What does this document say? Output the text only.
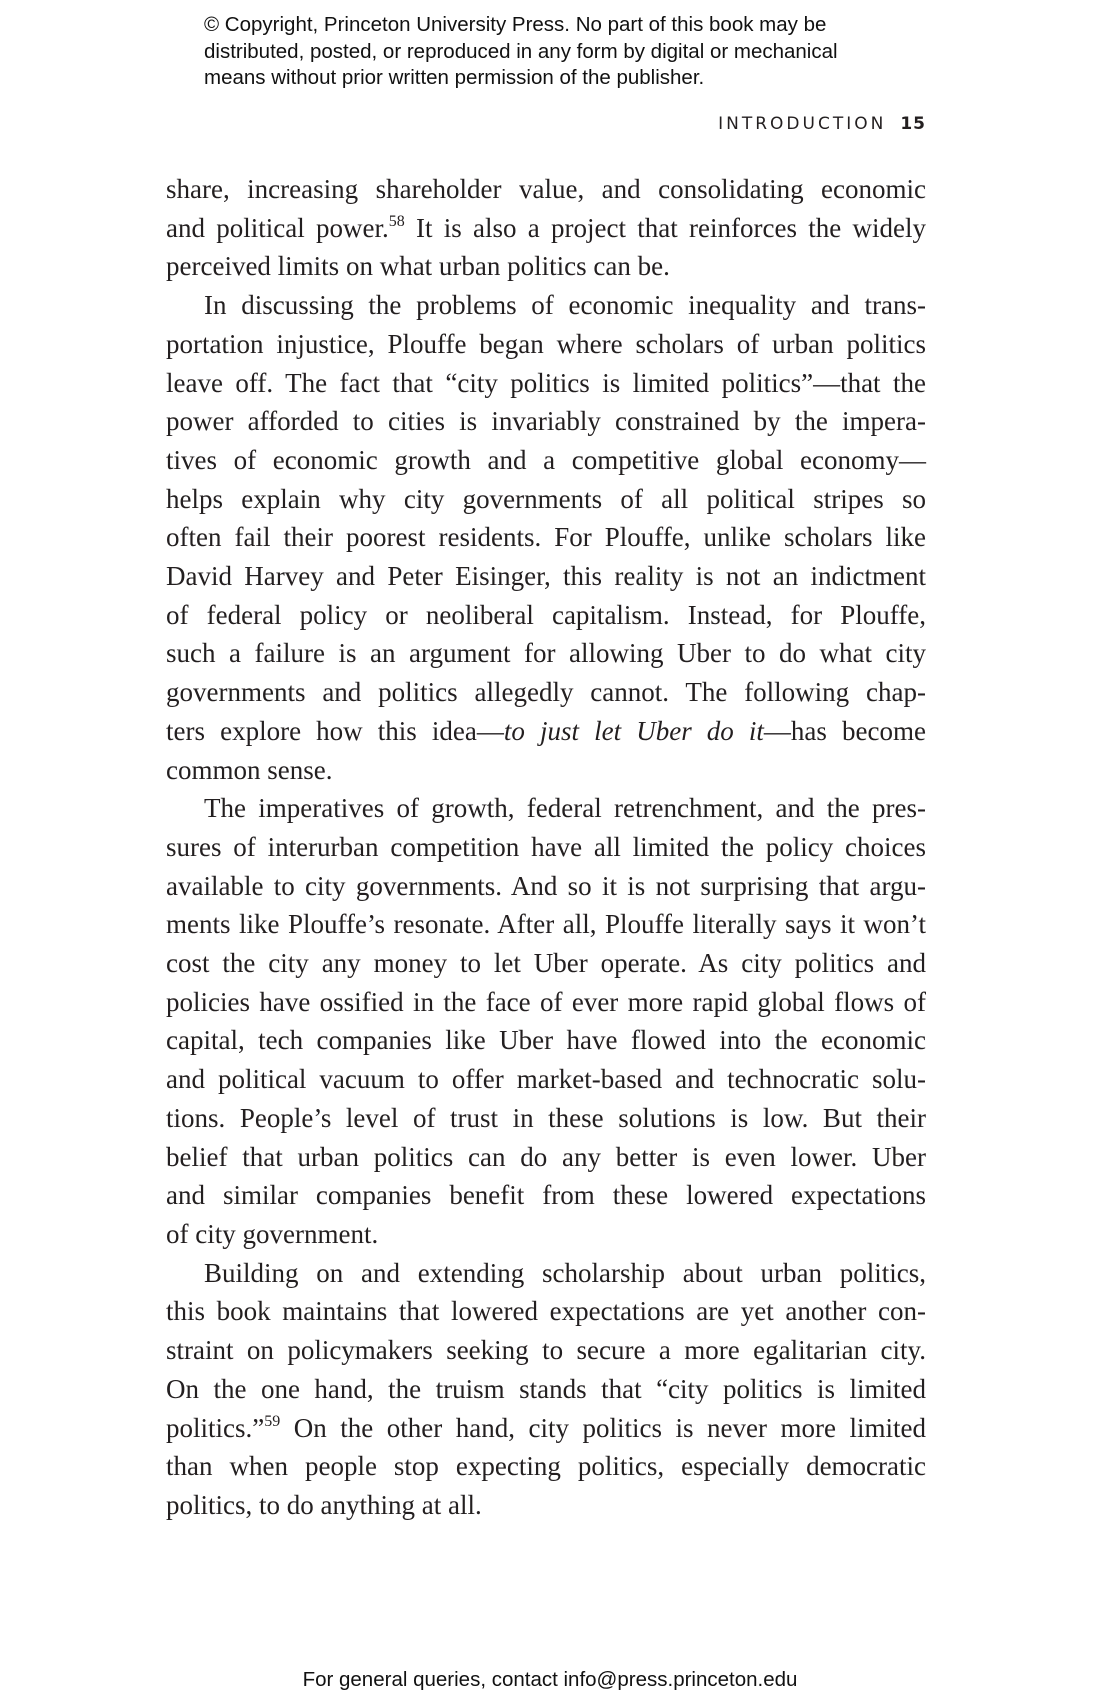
© Copyright, Princeton University Press. No part of this book may be
distributed, posted, or reproduced in any form by digital or mechanical
means without prior written permission of the publisher.
INTRODUCTION 15
share, increasing shareholder value, and consolidating economic
and political power.$^{58}$ It is also a project that reinforces the widely
perceived limits on what urban politics can be.
In discussing the problems of economic inequality and trans-
portation injustice, Plouffe began where scholars of urban politics
leave off. The fact that “city politics is limited politics”—that the
power afforded to cities is invariably constrained by the impera-
tives of economic growth and a competitive global economy—
helps explain why city governments of all political stripes so
often fail their poorest residents. For Plouffe, unlike scholars like
David Harvey and Peter Eisinger, this reality is not an indictment
of federal policy or neoliberal capitalism. Instead, for Plouffe,
such a failure is an argument for allowing Uber to do what city
governments and politics allegedly cannot. The following chap-
ters explore how this idea—to just let Uber do it—has become
common sense.
The imperatives of growth, federal retrenchment, and the pres-
sures of interurban competition have all limited the policy choices
available to city governments. And so it is not surprising that argu-
ments like Plouffe’s resonate. After all, Plouffe literally says it won’t
cost the city any money to let Uber operate. As city politics and
policies have ossified in the face of ever more rapid global flows of
capital, tech companies like Uber have flowed into the economic
and political vacuum to offer market-based and technocratic solu-
tions. People’s level of trust in these solutions is low. But their
belief that urban politics can do any better is even lower. Uber
and similar companies benefit from these lowered expectations
of city government.
Building on and extending scholarship about urban politics,
this book maintains that lowered expectations are yet another con-
straint on policymakers seeking to secure a more egalitarian city.
On the one hand, the truism stands that “city politics is limited
politics.”$^{59}$ On the other hand, city politics is never more limited
than when people stop expecting politics, especially democratic
politics, to do anything at all.
For general queries, contact info@press.princeton.edu
